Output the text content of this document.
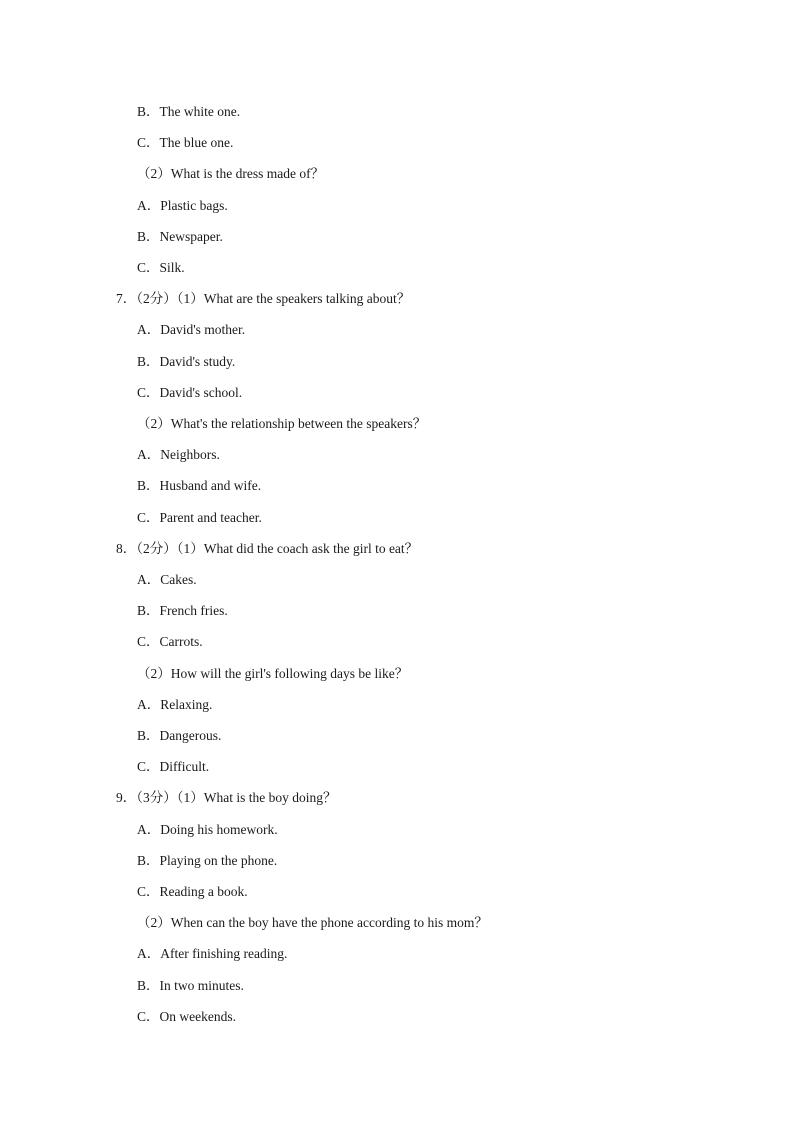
B．The white one.
C．The blue one.
（2）What is the dress made of？
A．Plastic bags.
B．Newspaper.
C．Silk.
7．（2分）（1）What are the speakers talking about？
A．David's mother.
B．David's study.
C．David's school.
（2）What's the relationship between the speakers？
A．Neighbors.
B．Husband and wife.
C．Parent and teacher.
8．（2分）（1）What did the coach ask the girl to eat？
A．Cakes.
B．French fries.
C．Carrots.
（2）How will the girl's following days be like？
A．Relaxing.
B．Dangerous.
C．Difficult.
9．（3分）（1）What is the boy doing？
A．Doing his homework.
B．Playing on the phone.
C．Reading a book.
（2）When can the boy have the phone according to his mom？
A．After finishing reading.
B．In two minutes.
C．On weekends.
